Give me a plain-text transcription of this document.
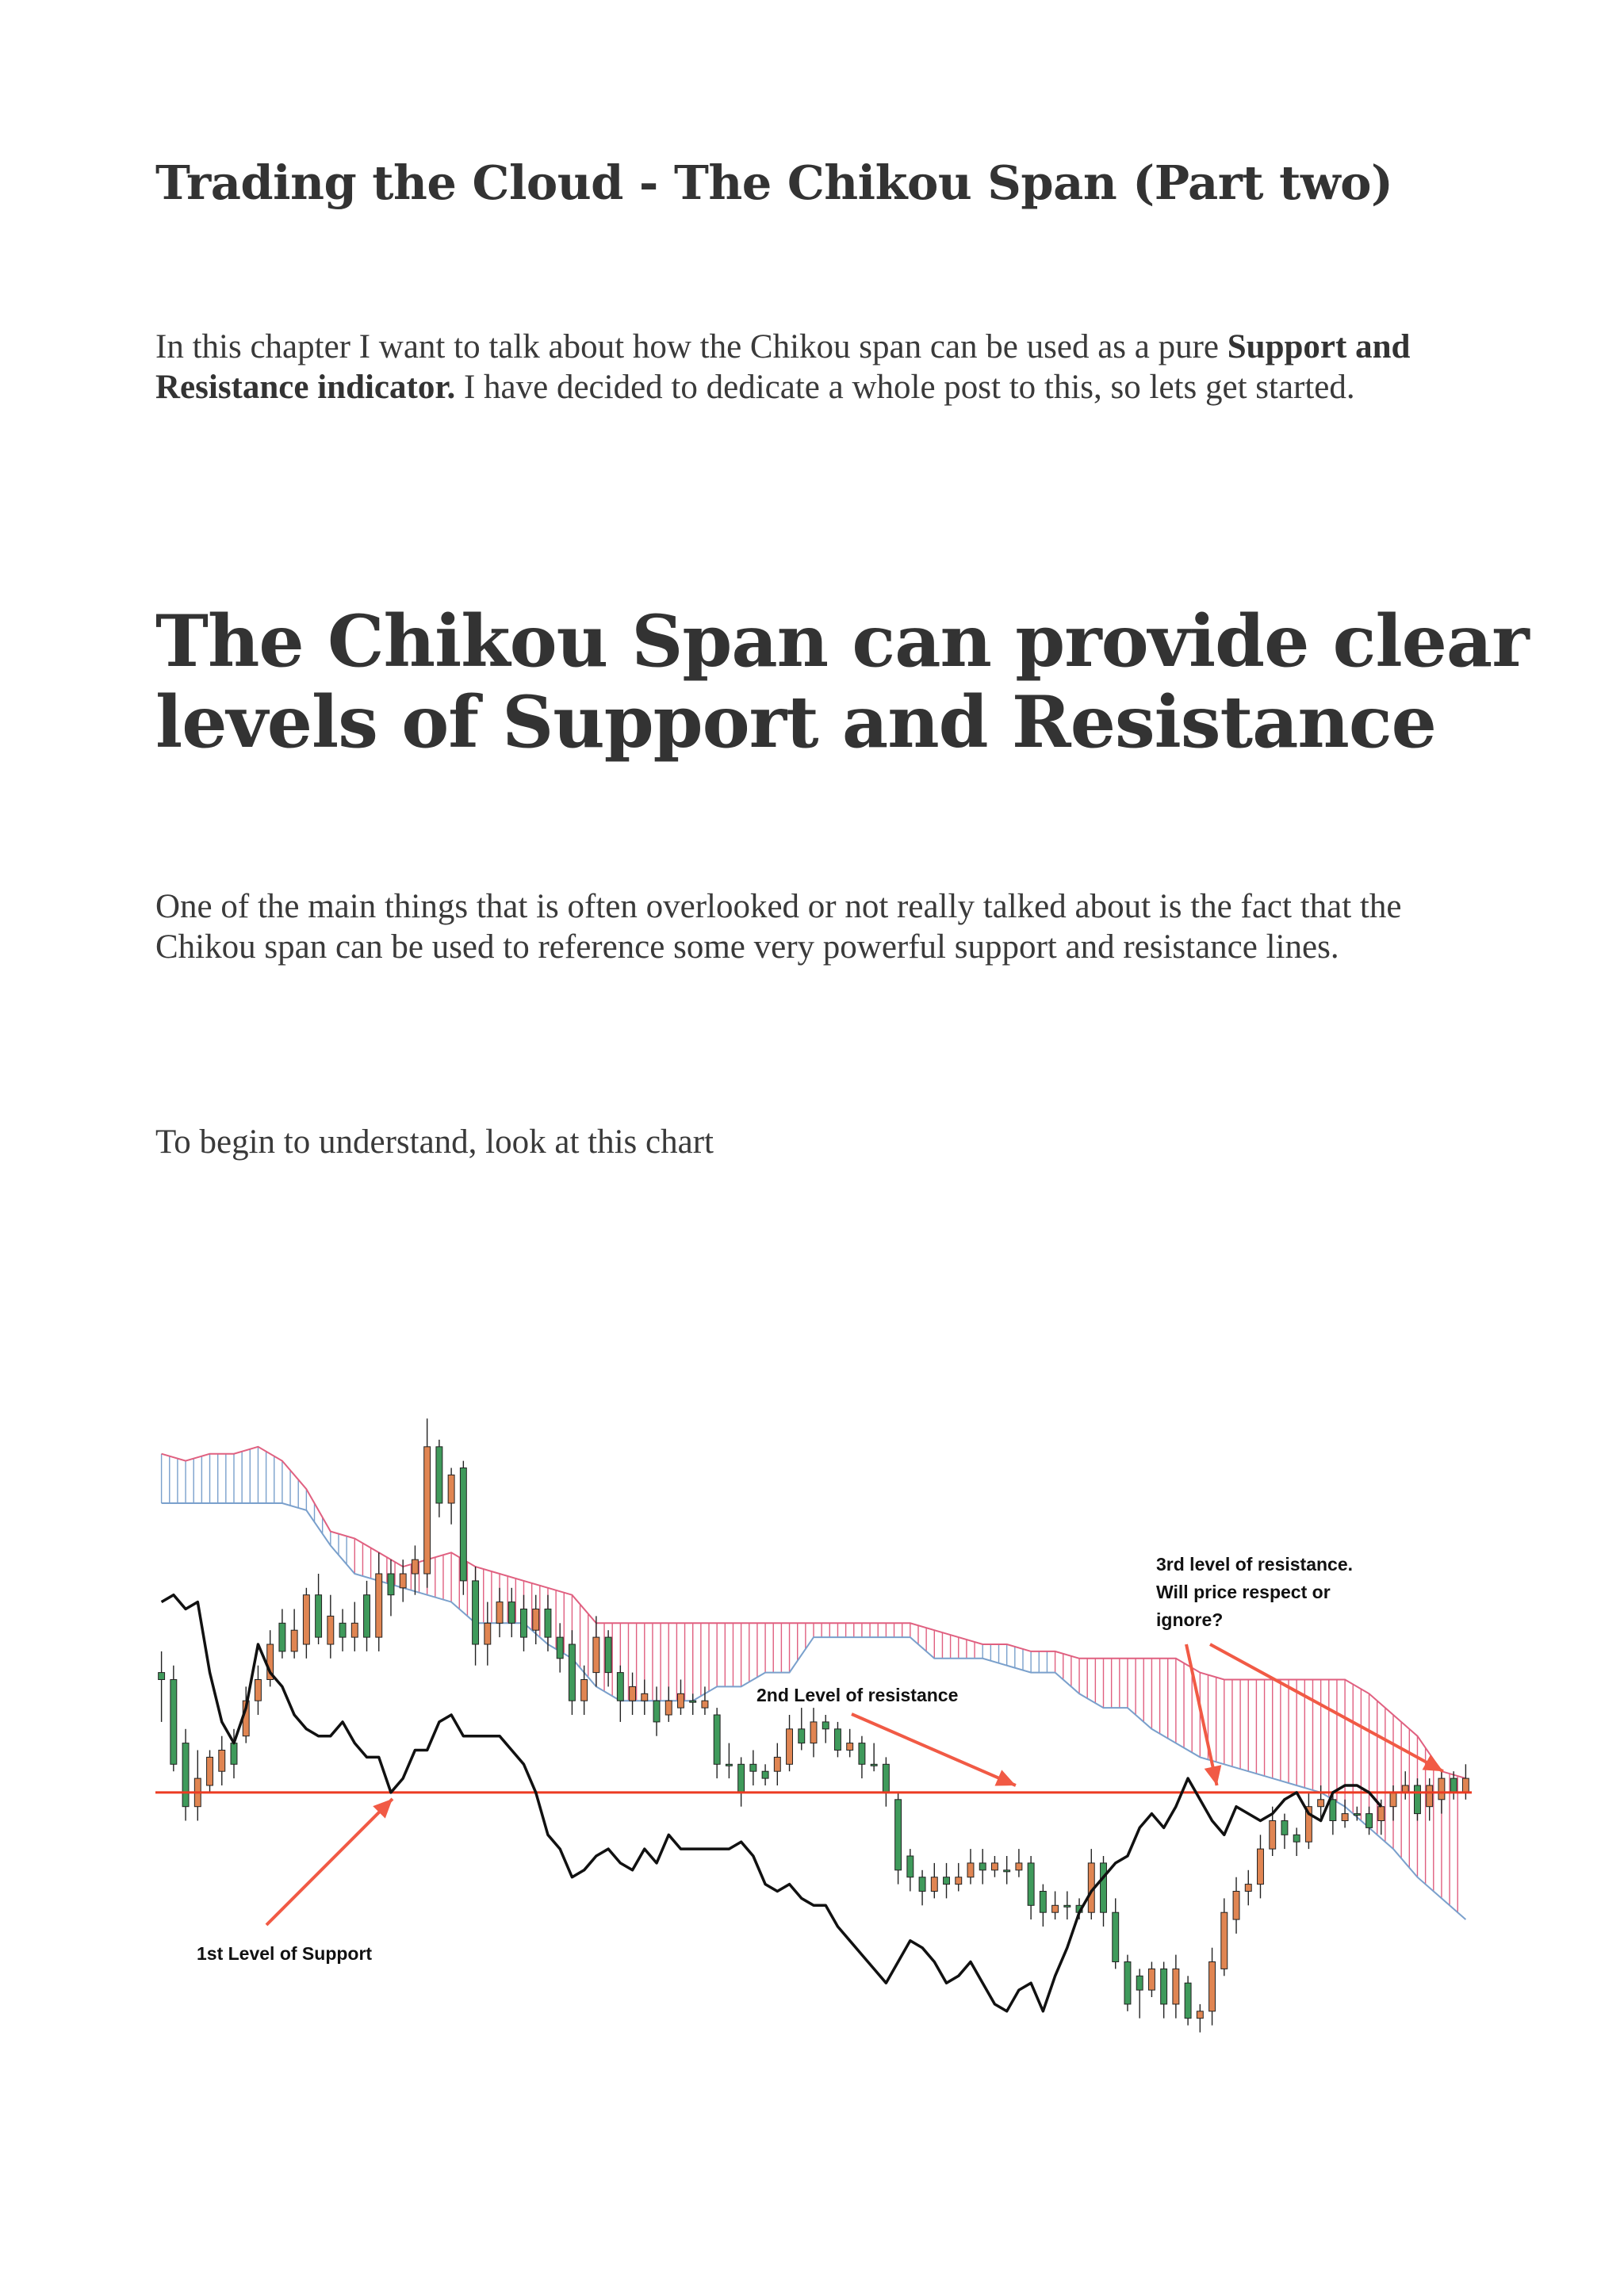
Trading the Cloud - The Chikou Span (Part two)

In this chapter I want to talk about how the Chikou span can be used as a pure Support and Resistance indicator. I have decided to dedicate a whole post to this, so lets get started.

The Chikou Span can provide clear levels of Support and Resistance

One of the main things that is often overlooked or not really talked about is the fact that the Chikou span can be used to reference some very powerful support and resistance lines.

To begin to understand, look at this chart

1st Level of Support
2nd Level of resistance
3rd level of resistance.
Will price respect or
ignore?
